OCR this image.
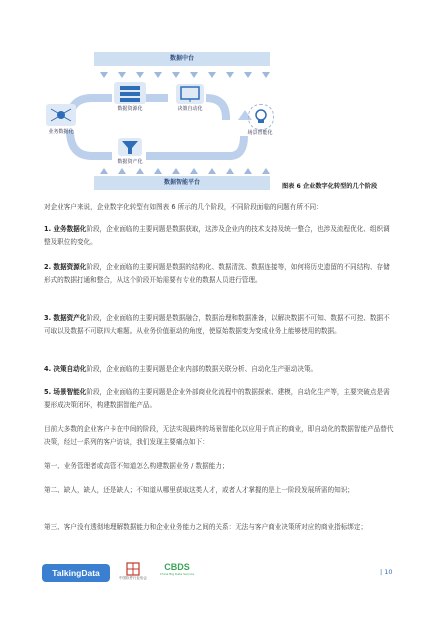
数据中台
业务数据化
数据资源化	决策自动化
场景智能化
数据资产化
数据智能平台
图表 6 企业数字化转型的几个阶段
对企业客户来说，企业数字化转型有如图表 6 所示的几个阶段，不同阶段面临的问题有所不同：
1. 业务数据化阶段，企业面临的主要问题是数据获取，这涉及企业内的技术支持及统一整合，也涉及流程优化、组织调整及职位的变化。
2. 数据资源化阶段，企业面临的主要问题是数据的结构化、数据清洗、数据连接等，如何将历史遗留的不同结构、存储形式的数据打通和整合，从这个阶段开始需要有专业的数据人员进行管理。
3. 数据资产化阶段，企业面临的主要问题是数据融合，数据治理和数据准备，以解决数据不可知、数据不可控、数据不可取以及数据不可联四大难题。从业务价值驱动的角度，使原始数据变为变成业务上能够使用的数据。
4. 决策自动化阶段，企业面临的主要问题是企业内部的数据关联分析、自动化生产驱动决策。
5. 场景智能化阶段，企业面临的主要问题是企业外部商业化流程中的数据探索、建模，自动化生产等，主要突破点是需要形成决策闭环，构建数据智能产品。
目前大多数的企业客户卡在中间的阶段，无法实现最终的场景智能化以应用于真正的商业，即自动化的数据智能产品替代决策，经过一系列的客户访谈，我们发现主要痛点如下：
第一、业务管理者或高管不知道怎么构建数据业务 / 数据能力；
第二、缺人，缺人，还是缺人；不知道从哪里获取这类人才，或者人才掌握的是上一阶段发展所需的知识；
第三、客户没有透彻地理解数据能力和企业业务能力之间的关系：无法与客户商业决策所对应的商业指标绑定；
TalkingData	中国软件行业协会
CBDS
China Big Data Service	| 10
